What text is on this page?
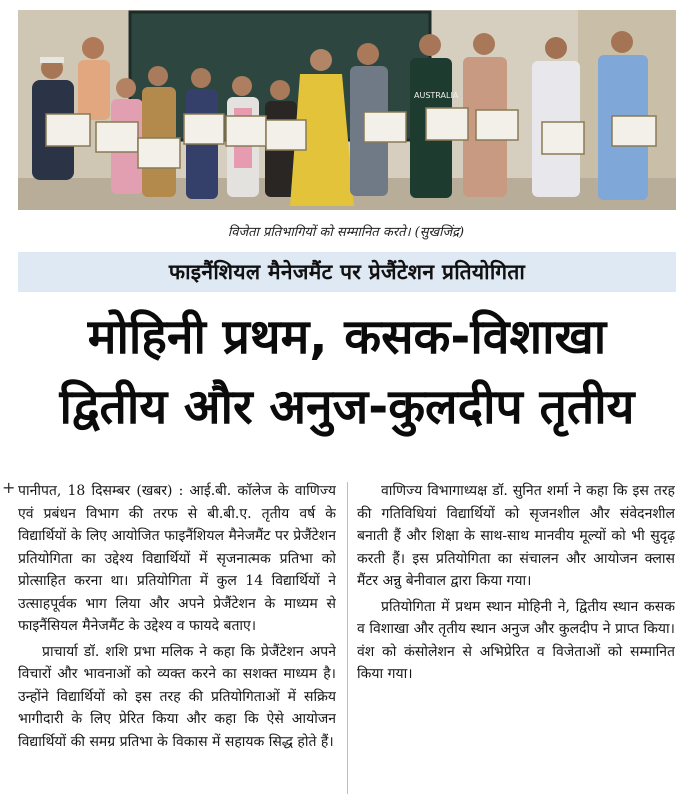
AUSTRALIA
विजेता प्रतिभागियों को सम्मानित करते। (सुखजिंद्र)
फाइनैंशियल मैनेजमैंट पर प्रेजैंटेशन प्रतियोगिता
मोहिनी प्रथम, कसक-विशाखा
द्वितीय और अनुज-कुलदीप तृतीय
+ पानीपत, 18 दिसम्बर (खबर) : आई.बी. कॉलेज के वाणिज्य एवं प्रबंधन विभाग की तरफ से बी.बी.ए. तृतीय वर्ष के विद्यार्थियों के लिए आयोजित फाइनैंशियल मैनेजमैंट पर प्रेजैंटेशन प्रतियोगिता का उद्देश्य विद्यार्थियों में सृजनात्मक प्रतिभा को प्रोत्साहित करना था। प्रतियोगिता में कुल 14 विद्यार्थियों ने उत्साहपूर्वक भाग लिया और अपने प्रेजैंटेशन के माध्यम से फाइनैंसियल मैनेजमैंट के उद्देश्य व फायदे बताए।

प्राचार्या डॉ. शशि प्रभा मलिक ने कहा कि प्रेजैंटेशन अपने विचारों और भावनाओं को व्यक्त करने का सशक्त माध्यम है। उन्होंने विद्यार्थियों को इस तरह की प्रतियोगिताओं में सक्रिय भागीदारी के लिए प्रेरित किया और कहा कि ऐसे आयोजन विद्यार्थियों की समग्र प्रतिभा के विकास में सहायक सिद्ध होते हैं।

वाणिज्य विभागाध्यक्ष डॉ. सुनित शर्मा ने कहा कि इस तरह की गतिविधियां विद्यार्थियों को सृजनशील और संवेदनशील बनाती हैं और शिक्षा के साथ-साथ मानवीय मूल्यों को भी सुदृढ़ करती हैं। इस प्रतियोगिता का संचालन और आयोजन क्लास मैंटर अन्नु बेनीवाल द्वारा किया गया।

प्रतियोगिता में प्रथम स्थान मोहिनी ने, द्वितीय स्थान कसक व विशाखा और तृतीय स्थान अनुज और कुलदीप ने प्राप्त किया। वंश को कंसोलेशन से अभिप्रेरित व विजेताओं को सम्मानित किया गया।
